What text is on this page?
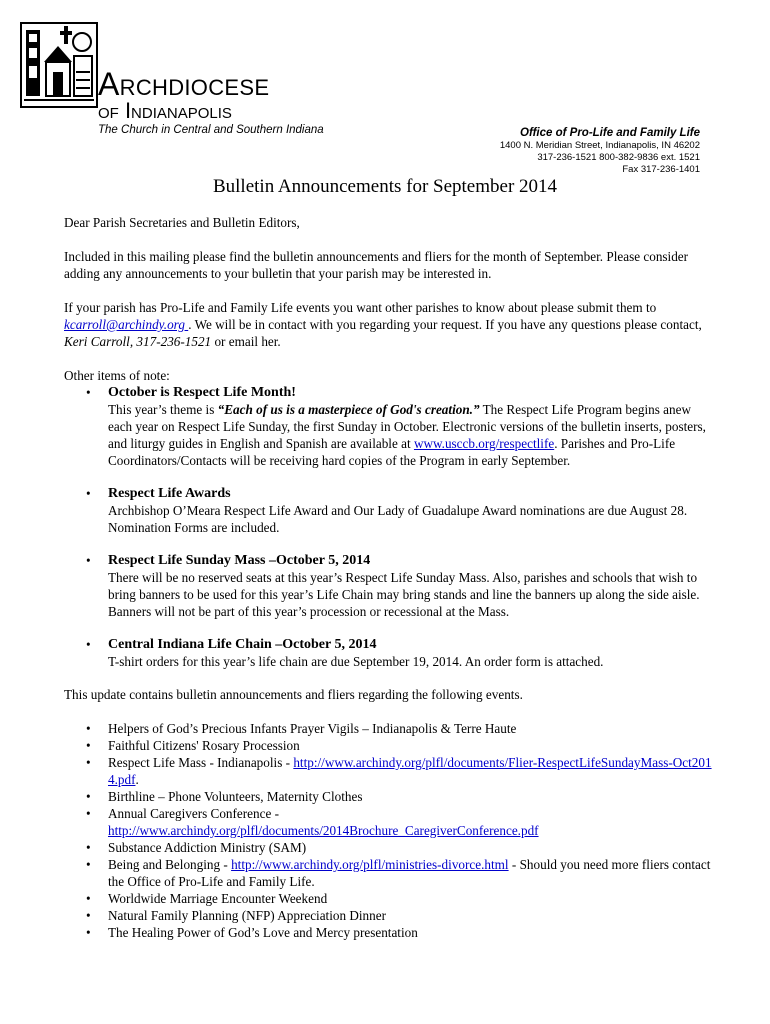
Archdiocese
of Indianapolis
The Church in Central and Southern Indiana	Office of Pro-Life and Family Life
1400 N. Meridian Street, Indianapolis, IN 46202
317-236-1521 800-382-9836 ext. 1521
Fax 317-236-1401
Bulletin Announcements for September 2014

Dear Parish Secretaries and Bulletin Editors,

Included in this mailing please find the bulletin announcements and fliers for the month of September. Please consider adding any announcements to your bulletin that your parish may be interested in.

If your parish has Pro-Life and Family Life events you want other parishes to know about please submit them to kcarroll@archindy.org . We will be in contact with you regarding your request. If you have any questions please contact, Keri Carroll, 317-236-1521 or email her.

Other items of note:
• October is Respect Life Month!
This year’s theme is “Each of us is a masterpiece of God's creation.” The Respect Life Program begins anew each year on Respect Life Sunday, the first Sunday in October. Electronic versions of the bulletin inserts, posters, and liturgy guides in English and Spanish are available at www.usccb.org/respectlife. Parishes and Pro-Life Coordinators/Contacts will be receiving hard copies of the Program in early September.
• Respect Life Awards
Archbishop O’Meara Respect Life Award and Our Lady of Guadalupe Award nominations are due August 28. Nomination Forms are included.
• Respect Life Sunday Mass –October 5, 2014
There will be no reserved seats at this year’s Respect Life Sunday Mass. Also, parishes and schools that wish to bring banners to be used for this year’s Life Chain may bring stands and line the banners up along the side aisle. Banners will not be part of this year’s procession or recessional at the Mass.
• Central Indiana Life Chain –October 5, 2014
T-shirt orders for this year’s life chain are due September 19, 2014. An order form is attached.

This update contains bulletin announcements and fliers regarding the following events.

• Helpers of God’s Precious Infants Prayer Vigils – Indianapolis & Terre Haute
• Faithful Citizens' Rosary Procession
• Respect Life Mass - Indianapolis - http://www.archindy.org/plfl/documents/Flier-RespectLifeSundayMass-Oct2014.pdf.
• Birthline – Phone Volunteers, Maternity Clothes
• Annual Caregivers Conference -
http://www.archindy.org/plfl/documents/2014Brochure_CaregiverConference.pdf
• Substance Addiction Ministry (SAM)
• Being and Belonging - http://www.archindy.org/plfl/ministries-divorce.html - Should you need more fliers contact the Office of Pro-Life and Family Life.
• Worldwide Marriage Encounter Weekend
• Natural Family Planning (NFP) Appreciation Dinner
• The Healing Power of God’s Love and Mercy presentation
